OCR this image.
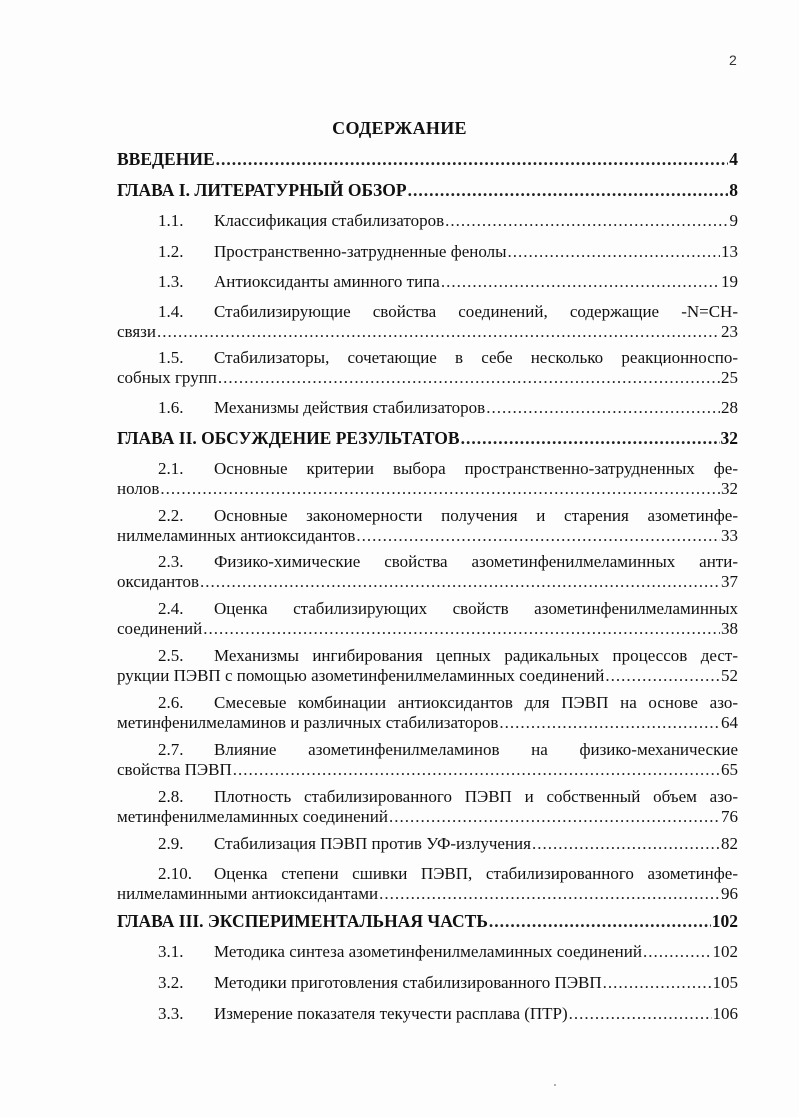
2
СОДЕРЖАНИЕ
ВВЕДЕНИЕ .....	4
ГЛАВА I. ЛИТЕРАТУРНЫЙ ОБЗОР .....	8
1.1.	Классификация стабилизаторов .....	9
1.2.	Пространственно-затрудненные фенолы .....	13
1.3.	Антиоксиданты аминного типа .....	19
1.4.	Стабилизирующие свойства соединений, содержащие -N=CH-
связи .....	23
1.5.	Стабилизаторы, сочетающие в себе несколько реакционноспо-
собных групп .....	25
1.6.	Механизмы действия стабилизаторов .....	28
ГЛАВА II. ОБСУЖДЕНИЕ РЕЗУЛЬТАТОВ .....	32
2.1.	Основные критерии выбора пространственно-затрудненных фе-
нолов .....	32
2.2.	Основные закономерности получения и старения азометинфе-
нилмеламинных антиоксидантов .....	33
2.3.	Физико-химические свойства азометинфенилмеламинных анти-
оксидантов .....	37
2.4.	Оценка стабилизирующих свойств азометинфенилмеламинных
соединений .....	38
2.5.	Механизмы ингибирования цепных радикальных процессов дест-
рукции ПЭВП с помощью азометинфенилмеламинных соединений .....	52
2.6.	Смесевые комбинации антиоксидантов для ПЭВП на основе азо-
метинфенилмеламинов и различных стабилизаторов .....	64
2.7.	Влияние азометинфенилмеламинов на физико-механические
свойства ПЭВП .....	65
2.8.	Плотность стабилизированного ПЭВП и собственный объем азо-
метинфенилмеламинных соединений .....	76
2.9.	Стабилизация ПЭВП против УФ-излучения .....	82
2.10.	Оценка степени сшивки ПЭВП, стабилизированного азометинфе-
нилмеламинными антиоксидантами .....	96
ГЛАВА III. ЭКСПЕРИМЕНТАЛЬНАЯ ЧАСТЬ .....	102
3.1.	Методика синтеза азометинфенилмеламинных соединений .....	102
3.2.	Методики приготовления стабилизированного ПЭВП .....	105
3.3.	Измерение показателя текучести расплава (ПТР) .....	106
